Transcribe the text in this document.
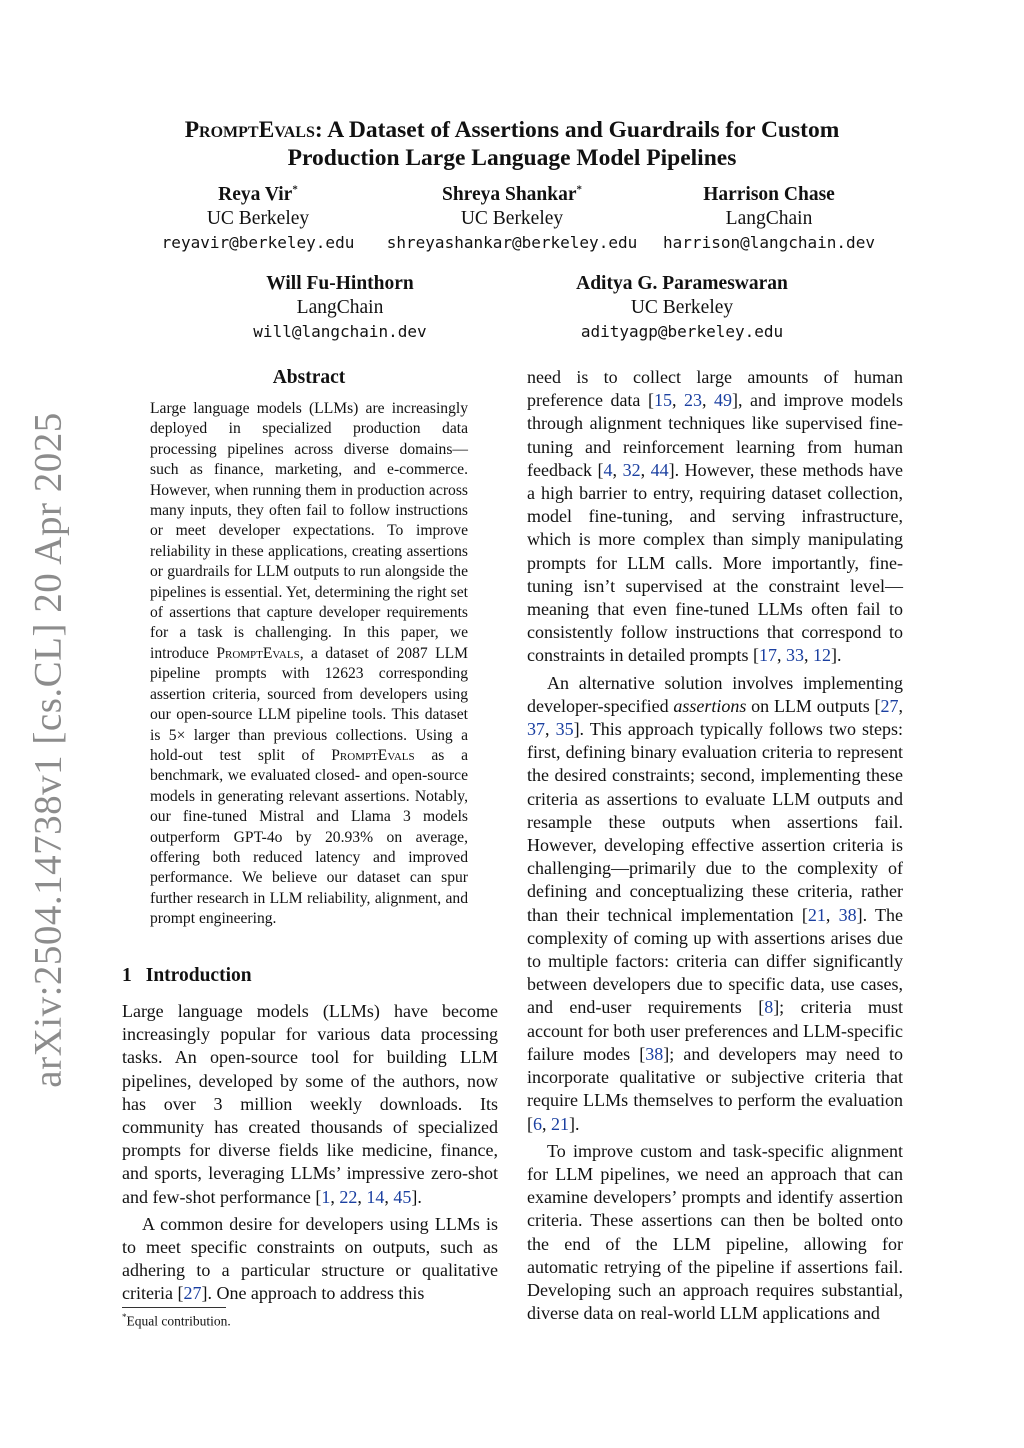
arXiv:2504.14738v1 [cs.CL] 20 Apr 2025
PromptEvals: A Dataset of Assertions and Guardrails for Custom
Production Large Language Model Pipelines
Reya Vir*
UC Berkeley
reyavir@berkeley.edu
Shreya Shankar*
UC Berkeley
shreyashankar@berkeley.edu
Harrison Chase
LangChain
harrison@langchain.dev
Will Fu-Hinthorn
LangChain
will@langchain.dev
Aditya G. Parameswaran
UC Berkeley
adityagp@berkeley.edu
Abstract

Large language models (LLMs) are increasingly deployed in specialized production data processing pipelines across diverse domains—such as finance, marketing, and e-commerce. However, when running them in production across many inputs, they often fail to follow instructions or meet developer expectations. To improve reliability in these applications, creating assertions or guardrails for LLM outputs to run alongside the pipelines is essential. Yet, determining the right set of assertions that capture developer requirements for a task is challenging. In this paper, we introduce PromptEvals, a dataset of 2087 LLM pipeline prompts with 12623 corresponding assertion criteria, sourced from developers using our open-source LLM pipeline tools. This dataset is 5× larger than previous collections. Using a hold-out test split of PromptEvals as a benchmark, we evaluated closed- and open-source models in generating relevant assertions. Notably, our fine-tuned Mistral and Llama 3 models outperform GPT-4o by 20.93% on average, offering both reduced latency and improved performance. We believe our dataset can spur further research in LLM reliability, alignment, and prompt engineering.

1 Introduction

Large language models (LLMs) have become increasingly popular for various data processing tasks. An open-source tool for building LLM pipelines, developed by some of the authors, now has over 3 million weekly downloads. Its community has created thousands of specialized prompts for diverse fields like medicine, finance, and sports, leveraging LLMs’ impressive zero-shot and few-shot performance [1, 22, 14, 45].

A common desire for developers using LLMs is to meet specific constraints on outputs, such as adhering to a particular structure or qualitative criteria [27]. One approach to address this

*Equal contribution.

need is to collect large amounts of human preference data [15, 23, 49], and improve models through alignment techniques like supervised fine-tuning and reinforcement learning from human feedback [4, 32, 44]. However, these methods have a high barrier to entry, requiring dataset collection, model fine-tuning, and serving infrastructure, which is more complex than simply manipulating prompts for LLM calls. More importantly, fine-tuning isn’t supervised at the constraint level—meaning that even fine-tuned LLMs often fail to consistently follow instructions that correspond to constraints in detailed prompts [17, 33, 12].

An alternative solution involves implementing developer-specified assertions on LLM outputs [27, 37, 35]. This approach typically follows two steps: first, defining binary evaluation criteria to represent the desired constraints; second, implementing these criteria as assertions to evaluate LLM outputs and resample these outputs when assertions fail. However, developing effective assertion criteria is challenging—primarily due to the complexity of defining and conceptualizing these criteria, rather than their technical implementation [21, 38]. The complexity of coming up with assertions arises due to multiple factors: criteria can differ significantly between developers due to specific data, use cases, and end-user requirements [8]; criteria must account for both user preferences and LLM-specific failure modes [38]; and developers may need to incorporate qualitative or subjective criteria that require LLMs themselves to perform the evaluation [6, 21].

To improve custom and task-specific alignment for LLM pipelines, we need an approach that can examine developers’ prompts and identify assertion criteria. These assertions can then be bolted onto the end of the LLM pipeline, allowing for automatic retrying of the pipeline if assertions fail. Developing such an approach requires substantial, diverse data on real-world LLM applications and
